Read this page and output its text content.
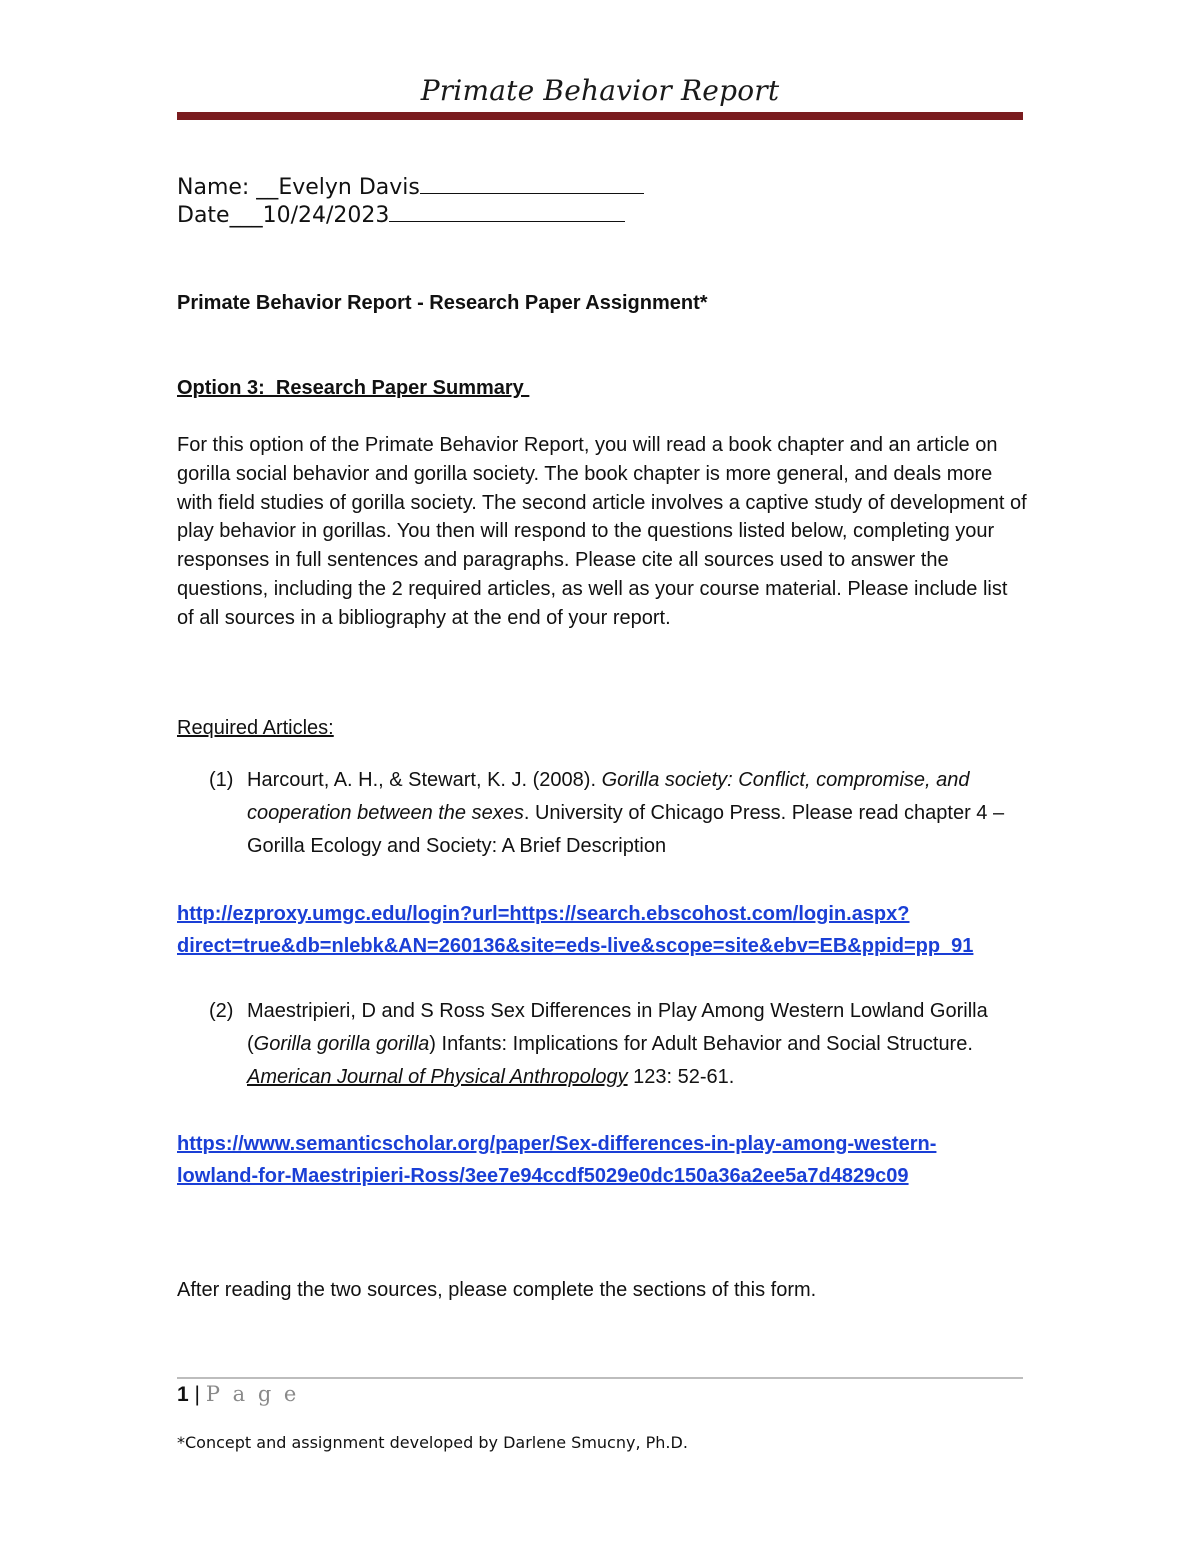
Primate Behavior Report
Name: __Evelyn Davis
Date___10/24/2023
Primate Behavior Report - Research Paper Assignment*
Option 3:  Research Paper Summary
For this option of the Primate Behavior Report, you will read a book chapter and an article on gorilla social behavior and gorilla society. The book chapter is more general, and deals more with field studies of gorilla society. The second article involves a captive study of development of play behavior in gorillas. You then will respond to the questions listed below, completing your responses in full sentences and paragraphs. Please cite all sources used to answer the questions, including the 2 required articles, as well as your course material. Please include list of all sources in a bibliography at the end of your report.
Required Articles:
(1) Harcourt, A. H., & Stewart, K. J. (2008). Gorilla society: Conflict, compromise, and cooperation between the sexes. University of Chicago Press. Please read chapter 4 – Gorilla Ecology and Society: A Brief Description
http://ezproxy.umgc.edu/login?url=https://search.ebscohost.com/login.aspx?
direct=true&db=nlebk&AN=260136&site=eds-live&scope=site&ebv=EB&ppid=pp_91
(2) Maestripieri, D and S Ross Sex Differences in Play Among Western Lowland Gorilla (Gorilla gorilla gorilla) Infants: Implications for Adult Behavior and Social Structure. American Journal of Physical Anthropology 123: 52-61.
https://www.semanticscholar.org/paper/Sex-differences-in-play-among-western-
lowland-for-Maestripieri-Ross/3ee7e94ccdf5029e0dc150a36a2ee5a7d4829c09
After reading the two sources, please complete the sections of this form.
1 | P a g e
*Concept and assignment developed by Darlene Smucny, Ph.D.
